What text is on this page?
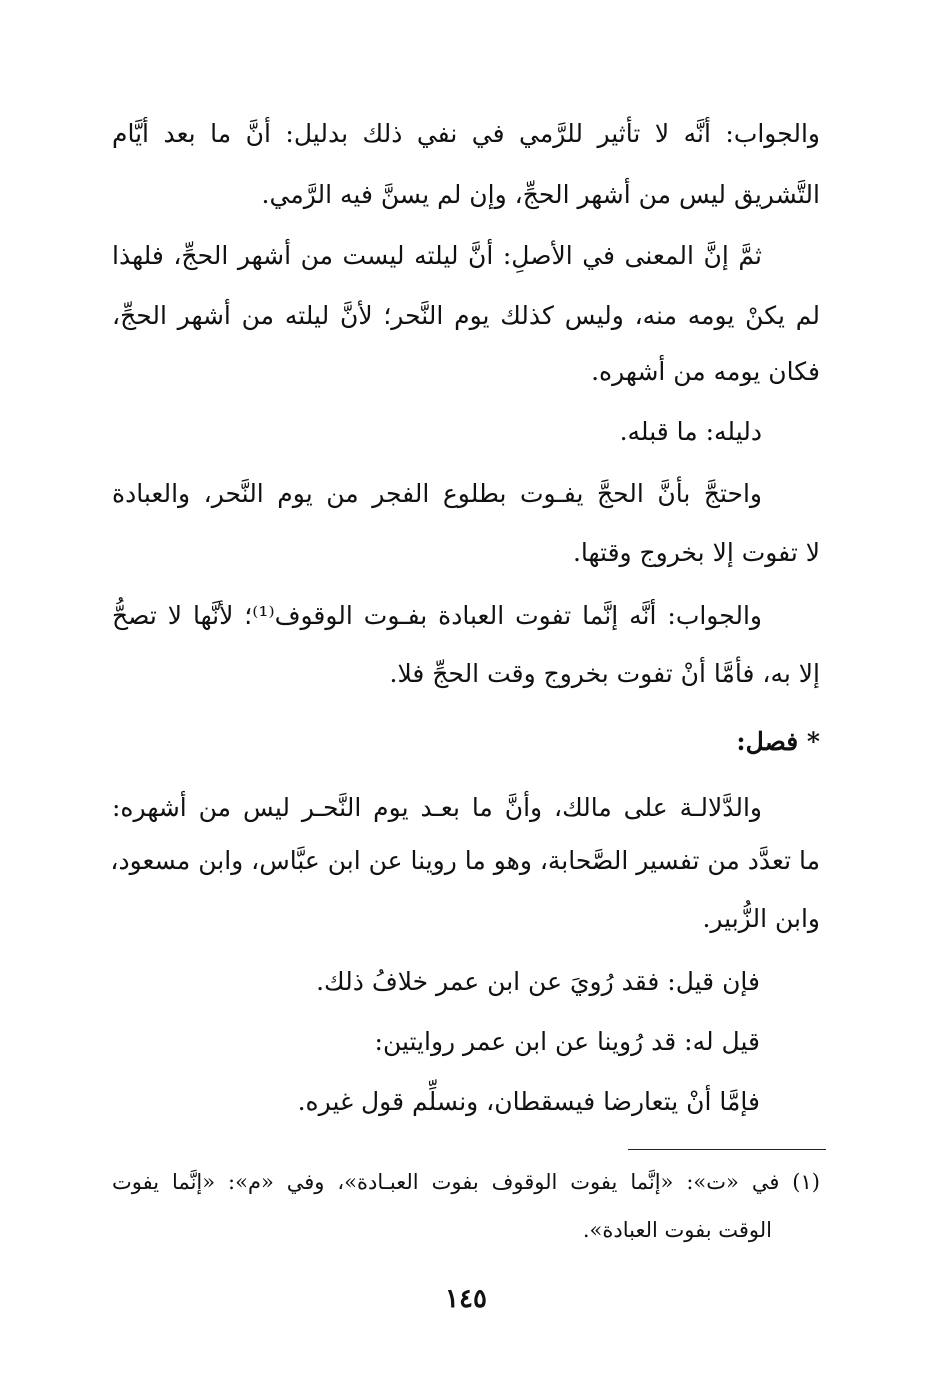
والجواب: أنَّه لا تأثير للرَّمي في نفي ذلك بدليل: أنَّ ما بعد أيَّام
التَّشريق ليس من أشهر الحجِّ، وإن لم يسنَّ فيه الرَّمي.
ثمَّ إنَّ المعنى في الأصلِ: أنَّ ليلته ليست من أشهر الحجِّ، فلهذا
لم يكنْ يومه منه، وليس كذلك يوم النَّحر؛ لأنَّ ليلته من أشهر الحجِّ،
فكان يومه من أشهره.
دليله: ما قبله.
واحتجَّ بأنَّ الحجَّ يفـوت بطلوع الفجر من يوم النَّحر، والعبادة
لا تفوت إلا بخروج وقتها.
والجواب: أنَّه إنَّما تفوت العبادة بفـوت الوقوف⁽¹⁾؛ لأنَّها لا تصحُّ
إلا به، فأمَّا أنْ تفوت بخروج وقت الحجِّ فلا.
* فصل:
والدَّلالـة على مالك، وأنَّ ما بعـد يوم النَّحـر ليس من أشهره:
ما تعدَّد من تفسير الصَّحابة، وهو ما روينا عن ابن عبَّاس، وابن مسعود،
وابن الزُّبير.
فإن قيل: فقد رُويَ عن ابن عمر خلافُ ذلك.
قيل له: قد رُوينا عن ابن عمر روايتين:
فإمَّا أنْ يتعارضا فيسقطان، ونسلِّم قول غيره.
(١) في «ت»: «إنَّما يفوت الوقوف بفوت العبـادة»، وفي «م»: «إنَّما يفوت
الوقت بفوت العبادة».
١٤٥
